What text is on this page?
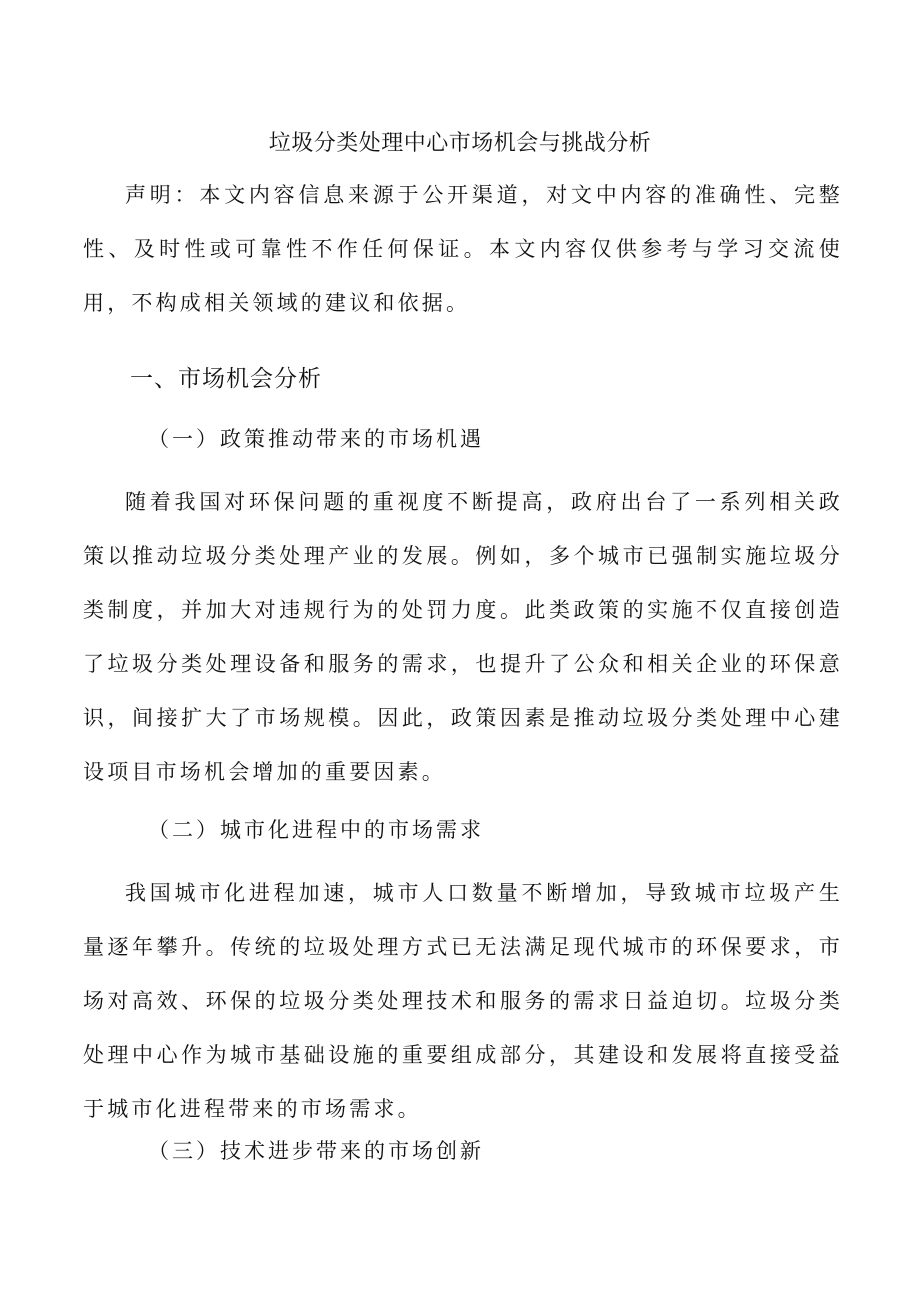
垃圾分类处理中心市场机会与挑战分析

声明：本文内容信息来源于公开渠道，对文中内容的准确性、完整性、及时性或可靠性不作任何保证。本文内容仅供参考与学习交流使用，不构成相关领域的建议和依据。

一、市场机会分析
（一）政策推动带来的市场机遇

随着我国对环保问题的重视度不断提高，政府出台了一系列相关政策以推动垃圾分类处理产业的发展。例如，多个城市已强制实施垃圾分类制度，并加大对违规行为的处罚力度。此类政策的实施不仅直接创造了垃圾分类处理设备和服务的需求，也提升了公众和相关企业的环保意识，间接扩大了市场规模。因此，政策因素是推动垃圾分类处理中心建设项目市场机会增加的重要因素。

（二）城市化进程中的市场需求

我国城市化进程加速，城市人口数量不断增加，导致城市垃圾产生量逐年攀升。传统的垃圾处理方式已无法满足现代城市的环保要求，市场对高效、环保的垃圾分类处理技术和服务的需求日益迫切。垃圾分类处理中心作为城市基础设施的重要组成部分，其建设和发展将直接受益于城市化进程带来的市场需求。

（三）技术进步带来的市场创新
